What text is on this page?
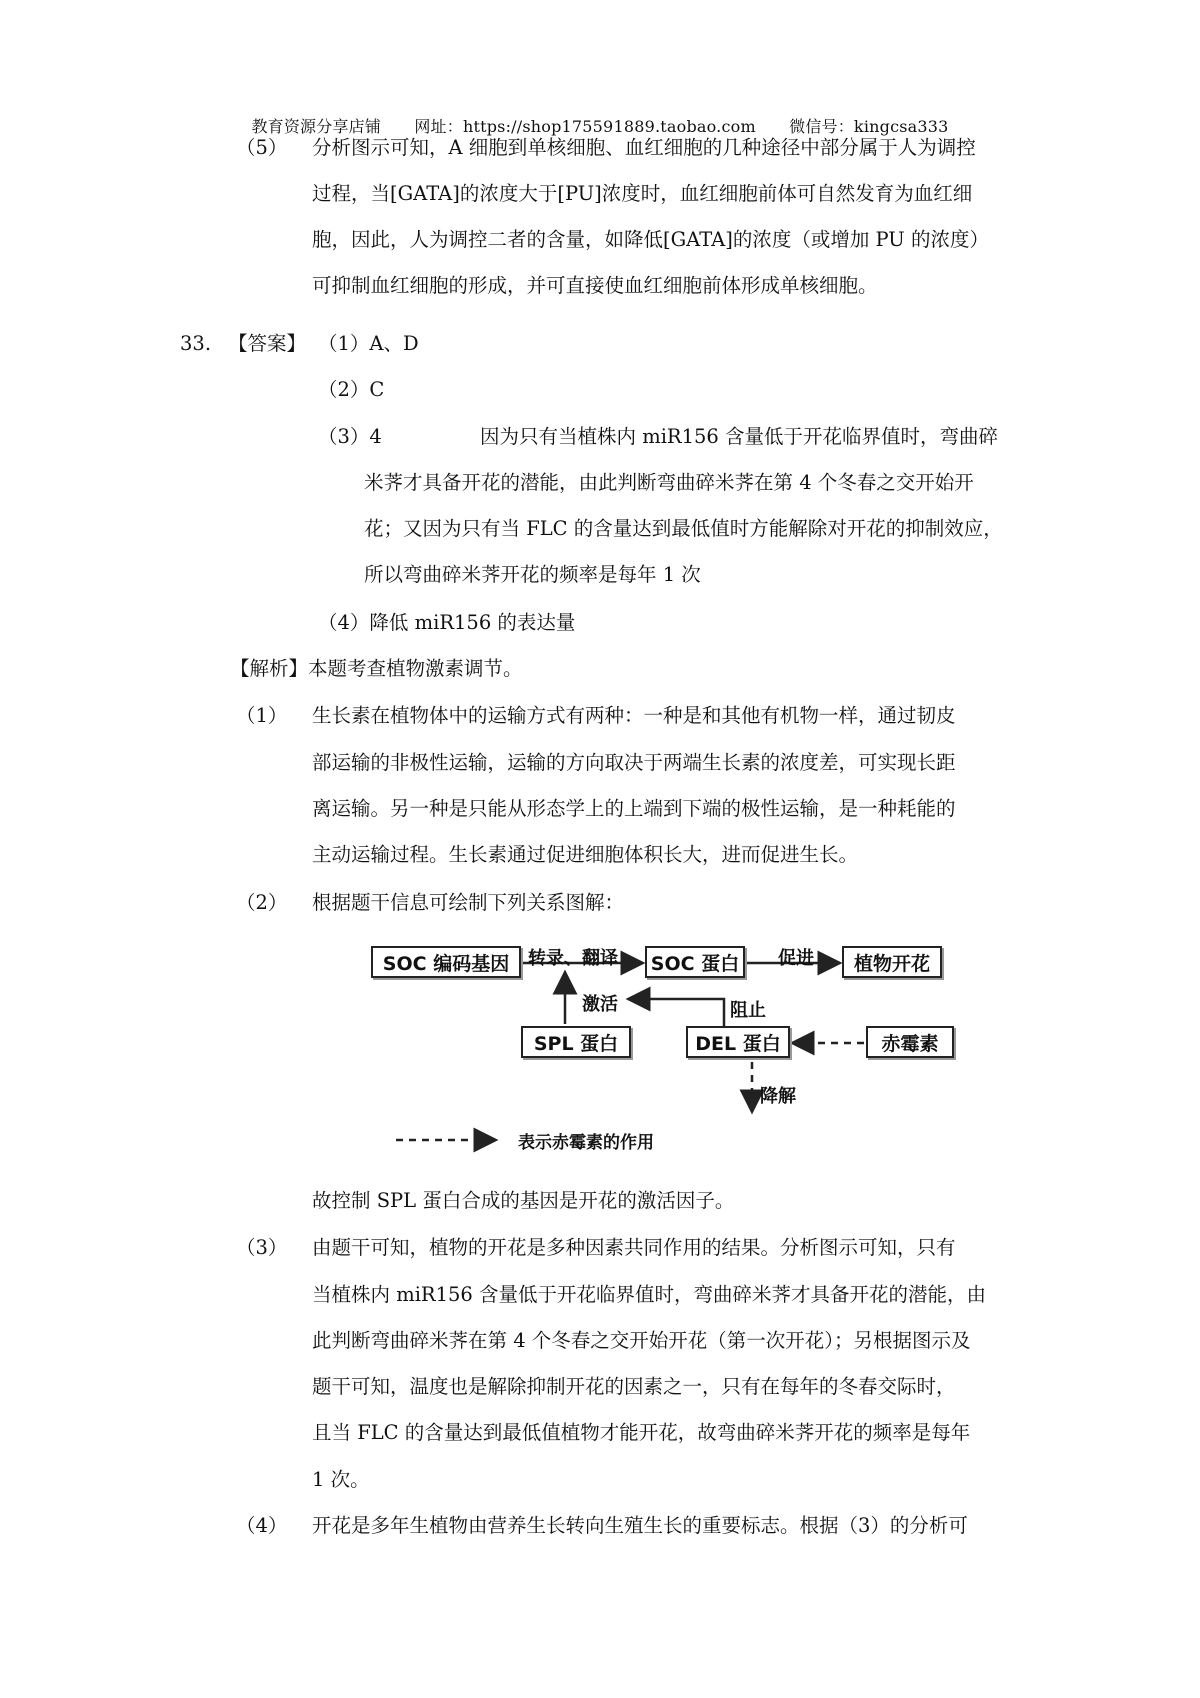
教育资源分享店铺 网址：https://shop175591889.taobao.com 微信号：kingcsa333
（5） 分析图示可知，A 细胞到单核细胞、血红细胞的几种途径中部分属于人为调控
过程，当[GATA]的浓度大于[PU]浓度时，血红细胞前体可自然发育为血红细
胞，因此，人为调控二者的含量，如降低[GATA]的浓度（或增加 PU 的浓度）
可抑制血红细胞的形成，并可直接使血红细胞前体形成单核细胞。
33. 【答案】 （1）A、D
（2）C
（3）4	因为只有当植株内 miR156 含量低于开花临界值时，弯曲碎
米荠才具备开花的潜能，由此判断弯曲碎米荠在第 4 个冬春之交开始开
花；又因为只有当 FLC 的含量达到最低值时方能解除对开花的抑制效应，
所以弯曲碎米荠开花的频率是每年 1 次
（4）降低 miR156 的表达量
【解析】本题考查植物激素调节。
（1） 生长素在植物体中的运输方式有两种：一种是和其他有机物一样，通过韧皮
部运输的非极性运输，运输的方向取决于两端生长素的浓度差，可实现长距
离运输。另一种是只能从形态学上的上端到下端的极性运输，是一种耗能的
主动运输过程。生长素通过促进细胞体积长大，进而促进生长。
（2） 根据题干信息可绘制下列关系图解：
SOC 编码基因	SOC 蛋白	植物开花
SPL 蛋白	DEL 蛋白	赤霉素
转录、翻译	促进
激活	阻止
降解
表示赤霉素的作用
故控制 SPL 蛋白合成的基因是开花的激活因子。
（3） 由题干可知，植物的开花是多种因素共同作用的结果。分析图示可知，只有
当植株内 miR156 含量低于开花临界值时，弯曲碎米荠才具备开花的潜能，由
此判断弯曲碎米荠在第 4 个冬春之交开始开花（第一次开花）；另根据图示及
题干可知，温度也是解除抑制开花的因素之一，只有在每年的冬春交际时，
且当 FLC 的含量达到最低值植物才能开花，故弯曲碎米荠开花的频率是每年
1 次。
（4） 开花是多年生植物由营养生长转向生殖生长的重要标志。根据（3）的分析可
